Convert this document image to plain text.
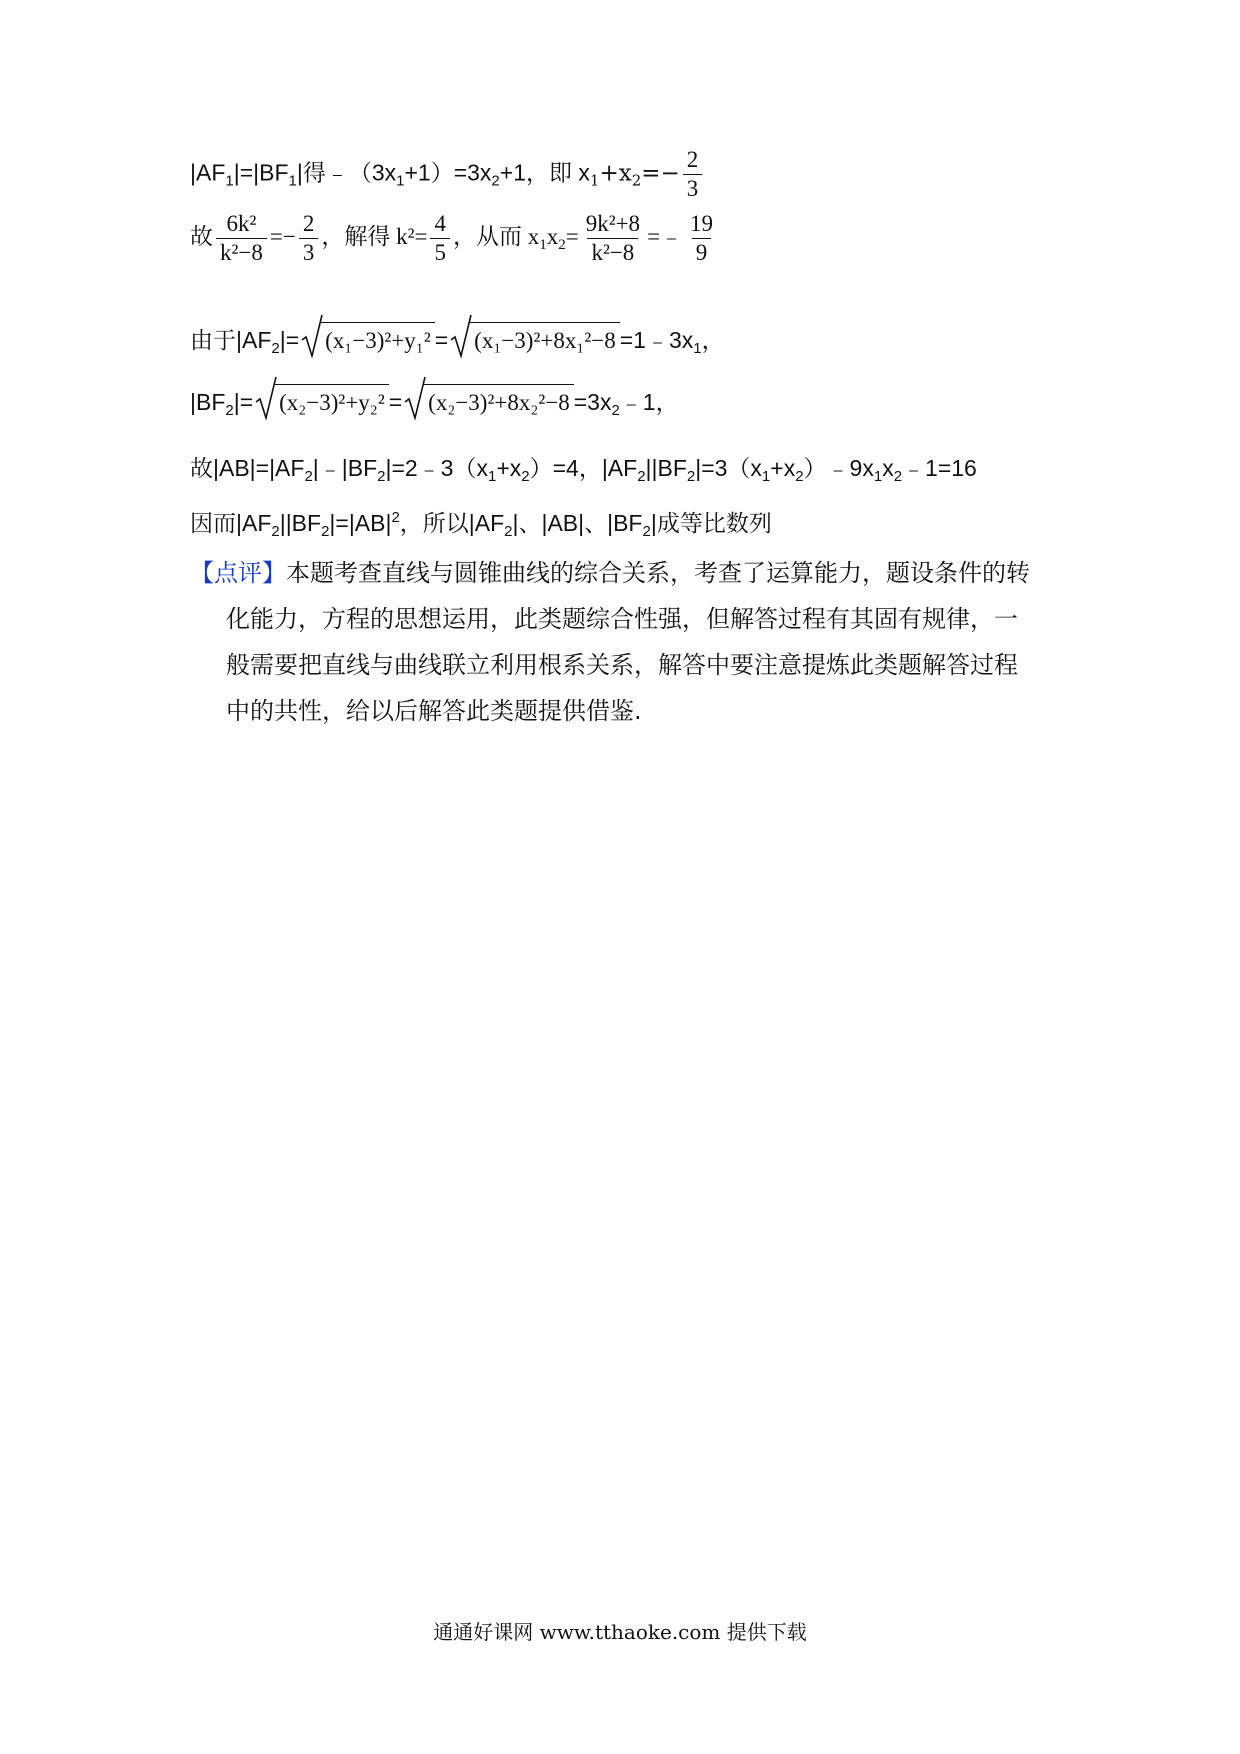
$|AF_1|=|BF_1|$得$﹣(3x_1+1)=3x_2+1$，即 $x_1+x_2=- \frac{2}{3}$
故 $\frac{\text{6k²}}{\text{k²−8}} =- \frac{2}{3}$ ，解得 $k^2= \frac{4}{5}$ ，从而 $x_1x_2= \frac{\text{9k²+8}}{\text{k²−8}}$ =﹣ $\frac{19}{9}$
由于$|AF_2|= (x_1-3)^2+y_1^2 = (x_1-3)^2+8x_1^2-8$ $=1﹣3x_1$，
$|BF_2|= (x_2-3)^2+y_2^2 = (x_2-3)^2+8x_2^2-8$ $=3x_2﹣1$，
故$|AB|=|AF_2|﹣|BF_2|=2﹣3(x_1+x_2)=4$，$|AF_2||BF_2|=3(x_1+x_2)﹣9x_1x_2﹣1=16$
因而$|AF_2||BF_2|=|AB|^2$，所以$|AF_2|$、|AB|、$|BF_2|$成等比数列
【点评】本题考查直线与圆锥曲线的综合关系，考查了运算能力，题设条件的转
化能力，方程的思想运用，此类题综合性强，但解答过程有其固有规律，一
般需要把直线与曲线联立利用根系关系，解答中要注意提炼此类题解答过程
中的共性，给以后解答此类题提供借鉴.
通通好课网 www.tthaoke.com 提供下载
